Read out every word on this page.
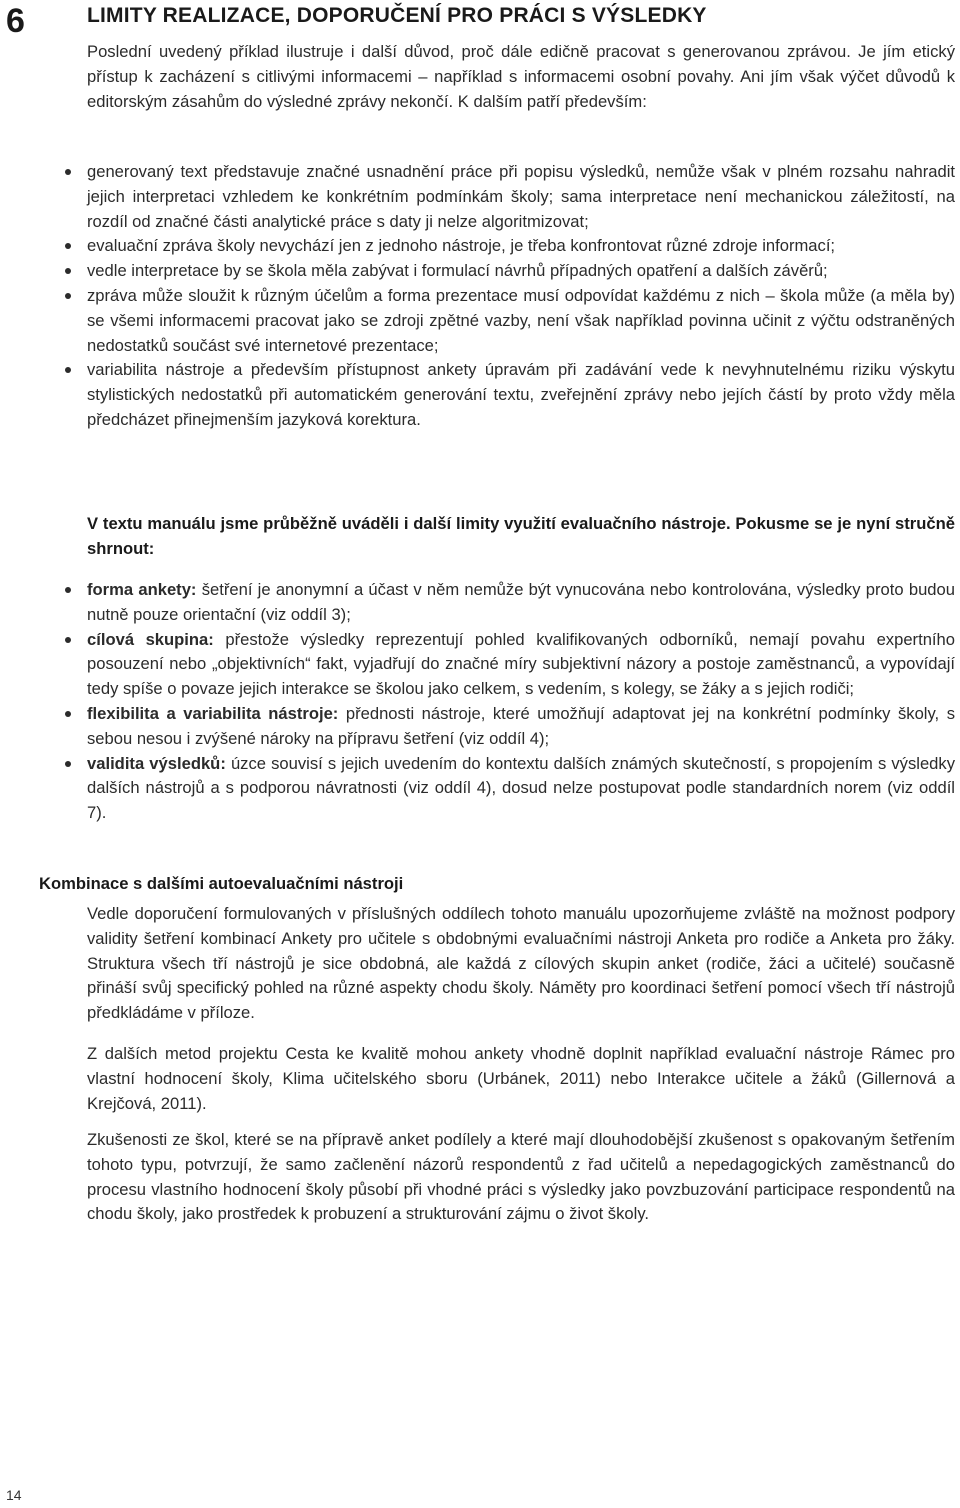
6	LIMITY REALIZACE, DOPORUČENÍ PRO PRÁCI S VÝSLEDKY

Poslední uvedený příklad ilustruje i další důvod, proč dále edičně pracovat s generovanou zprávou. Je jím etický přístup k zacházení s citlivými informacemi – například s informacemi osobní povahy. Ani jím však výčet důvodů k editorským zásahům do výsledné zprávy nekončí. K dalším patří především:

generovaný text představuje značné usnadnění práce při popisu výsledků, nemůže však v plném rozsahu nahradit jejich interpretaci vzhledem ke konkrétním podmínkám školy; sama interpretace není mechanickou záležitostí, na rozdíl od značné části analytické práce s daty ji nelze algoritmizovat;
evaluační zpráva školy nevychází jen z jednoho nástroje, je třeba konfrontovat různé zdroje informací;
vedle interpretace by se škola měla zabývat i formulací návrhů případných opatření a dalších závěrů;
zpráva může sloužit k různým účelům a forma prezentace musí odpovídat každému z nich – škola může (a měla by) se všemi informacemi pracovat jako se zdroji zpětné vazby, není však například povinna učinit z výčtu odstraněných nedostatků součást své internetové prezentace;
variabilita nástroje a především přístupnost ankety úpravám při zadávání vede k nevyhnutelnému riziku výskytu stylistických nedostatků při automatickém generování textu, zveřejnění zprávy nebo jejích částí by proto vždy měla předcházet přinejmenším jazyková korektura.

V textu manuálu jsme průběžně uváděli i další limity využití evaluačního nástroje. Pokusme se je nyní stručně shrnout:

forma ankety: šetření je anonymní a účast v něm nemůže být vynucována nebo kontrolována, výsledky proto budou nutně pouze orientační (viz oddíl 3);
cílová skupina: přestože výsledky reprezentují pohled kvalifikovaných odborníků, nemají povahu expertního posouzení nebo „objektivních“ fakt, vyjadřují do značné míry subjektivní názory a postoje zaměstnanců, a vypovídají tedy spíše o povaze jejich interakce se školou jako celkem, s vedením, s kolegy, se žáky a s jejich rodiči;
flexibilita a variabilita nástroje: přednosti nástroje, které umožňují adaptovat jej na konkrétní podmínky školy, s sebou nesou i zvýšené nároky na přípravu šetření (viz oddíl 4);
validita výsledků: úzce souvisí s jejich uvedením do kontextu dalších známých skutečností, s propojením s výsledky dalších nástrojů a s podporou návratnosti (viz oddíl 4), dosud nelze postupovat podle standardních norem (viz oddíl 7).
Kombinace s dalšími autoevaluačními nástroji

Vedle doporučení formulovaných v příslušných oddílech tohoto manuálu upozorňujeme zvláště na možnost podpory validity šetření kombinací Ankety pro učitele s obdobnými evaluačními nástroji Anketa pro rodiče a Anketa pro žáky. Struktura všech tří nástrojů je sice obdobná, ale každá z cílových skupin anket (rodiče, žáci a učitelé) současně přináší svůj specifický pohled na různé aspekty chodu školy. Náměty pro koordinaci šetření pomocí všech tří nástrojů předkládáme v příloze.

Z dalších metod projektu Cesta ke kvalitě mohou ankety vhodně doplnit například evaluační nástroje Rámec pro vlastní hodnocení školy, Klima učitelského sboru (Urbánek, 2011) nebo Interakce učitele a žáků (Gillernová a Krejčová, 2011).

Zkušenosti ze škol, které se na přípravě anket podílely a které mají dlouhodobější zkušenost s opakovaným šetřením tohoto typu, potvrzují, že samo začlenění názorů respondentů z řad učitelů a nepedagogických zaměstnanců do procesu vlastního hodnocení školy působí při vhodné práci s výsledky jako povzbuzování participace respondentů na chodu školy, jako prostředek k probuzení a strukturování zájmu o život školy.

14
